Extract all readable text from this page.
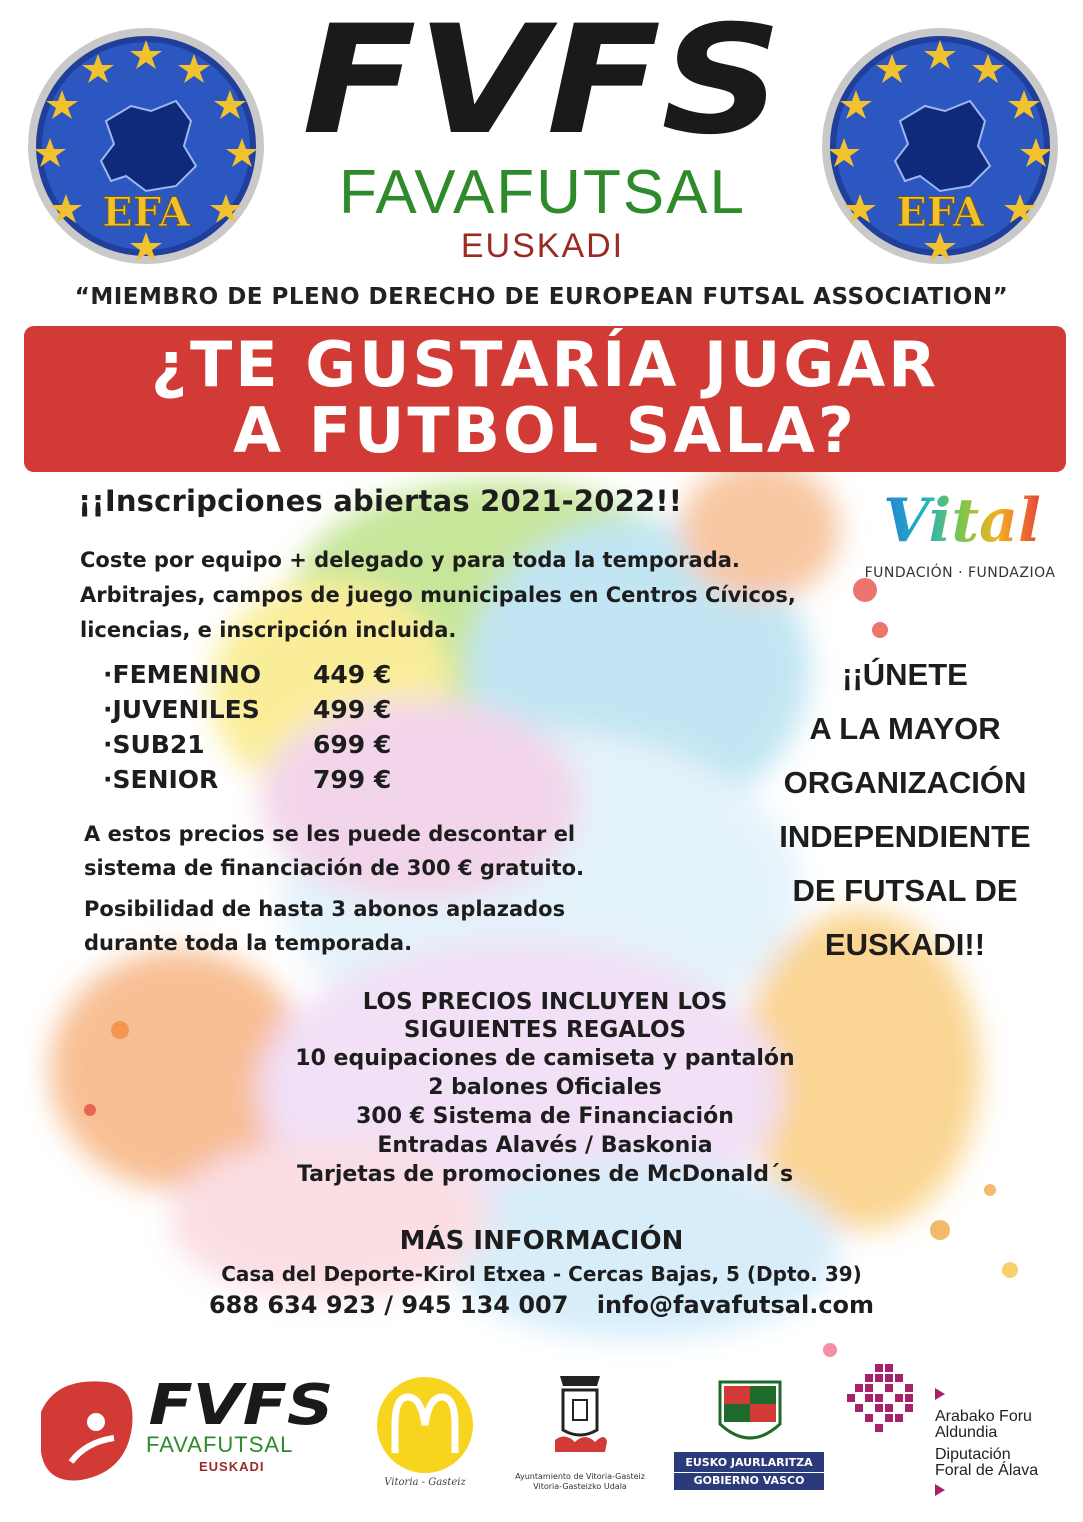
EFA	EFA
FVFS
FAVAFUTSAL
EUSKADI
“MIEMBRO DE PLENO DERECHO DE EUROPEAN FUTSAL ASSOCIATION”
¿TE GUSTARÍA JUGAR
A FUTBOL SALA?
¡¡Inscripciones abiertas 2021-2022!!
Coste por equipo + delegado y para toda la temporada.
Arbitrajes, campos de juego municipales en Centros Cívicos,
licencias, e inscripción incluida.
·FEMENINO 449 €
·JUVENILES 499 €
·SUB21	699 €
·SENIOR	799 €
A estos precios se les puede descontar el
sistema de financiación de 300 € gratuito.
Posibilidad de hasta 3 abonos aplazados
durante toda la temporada.
Vital
FUNDACIÓN · FUNDAZIOA
¡¡ÚNETE
A LA MAYOR
ORGANIZACIÓN
INDEPENDIENTE
DE FUTSAL DE
EUSKADI!!
LOS PRECIOS INCLUYEN LOS
SIGUIENTES REGALOS
10 equipaciones de camiseta y pantalón
2 balones Oficiales
300 € Sistema de Financiación
Entradas Alavés / Baskonia
Tarjetas de promociones de McDonald´s
MÁS INFORMACIÓN
Casa del Deporte-Kirol Etxea - Cercas Bajas, 5 (Dpto. 39)
688 634 923 / 945 134 007 info@favafutsal.com
FVFS
FAVAFUTSAL
EUSKADI
Vitoria - Gasteiz
Ayuntamiento de Vitoria-Gasteiz
Vitoria-Gasteizko Udala
EUSKO JAURLARITZA
GOBIERNO VASCO
Arabako Foru
Aldundia
Diputación
Foral de Álava
